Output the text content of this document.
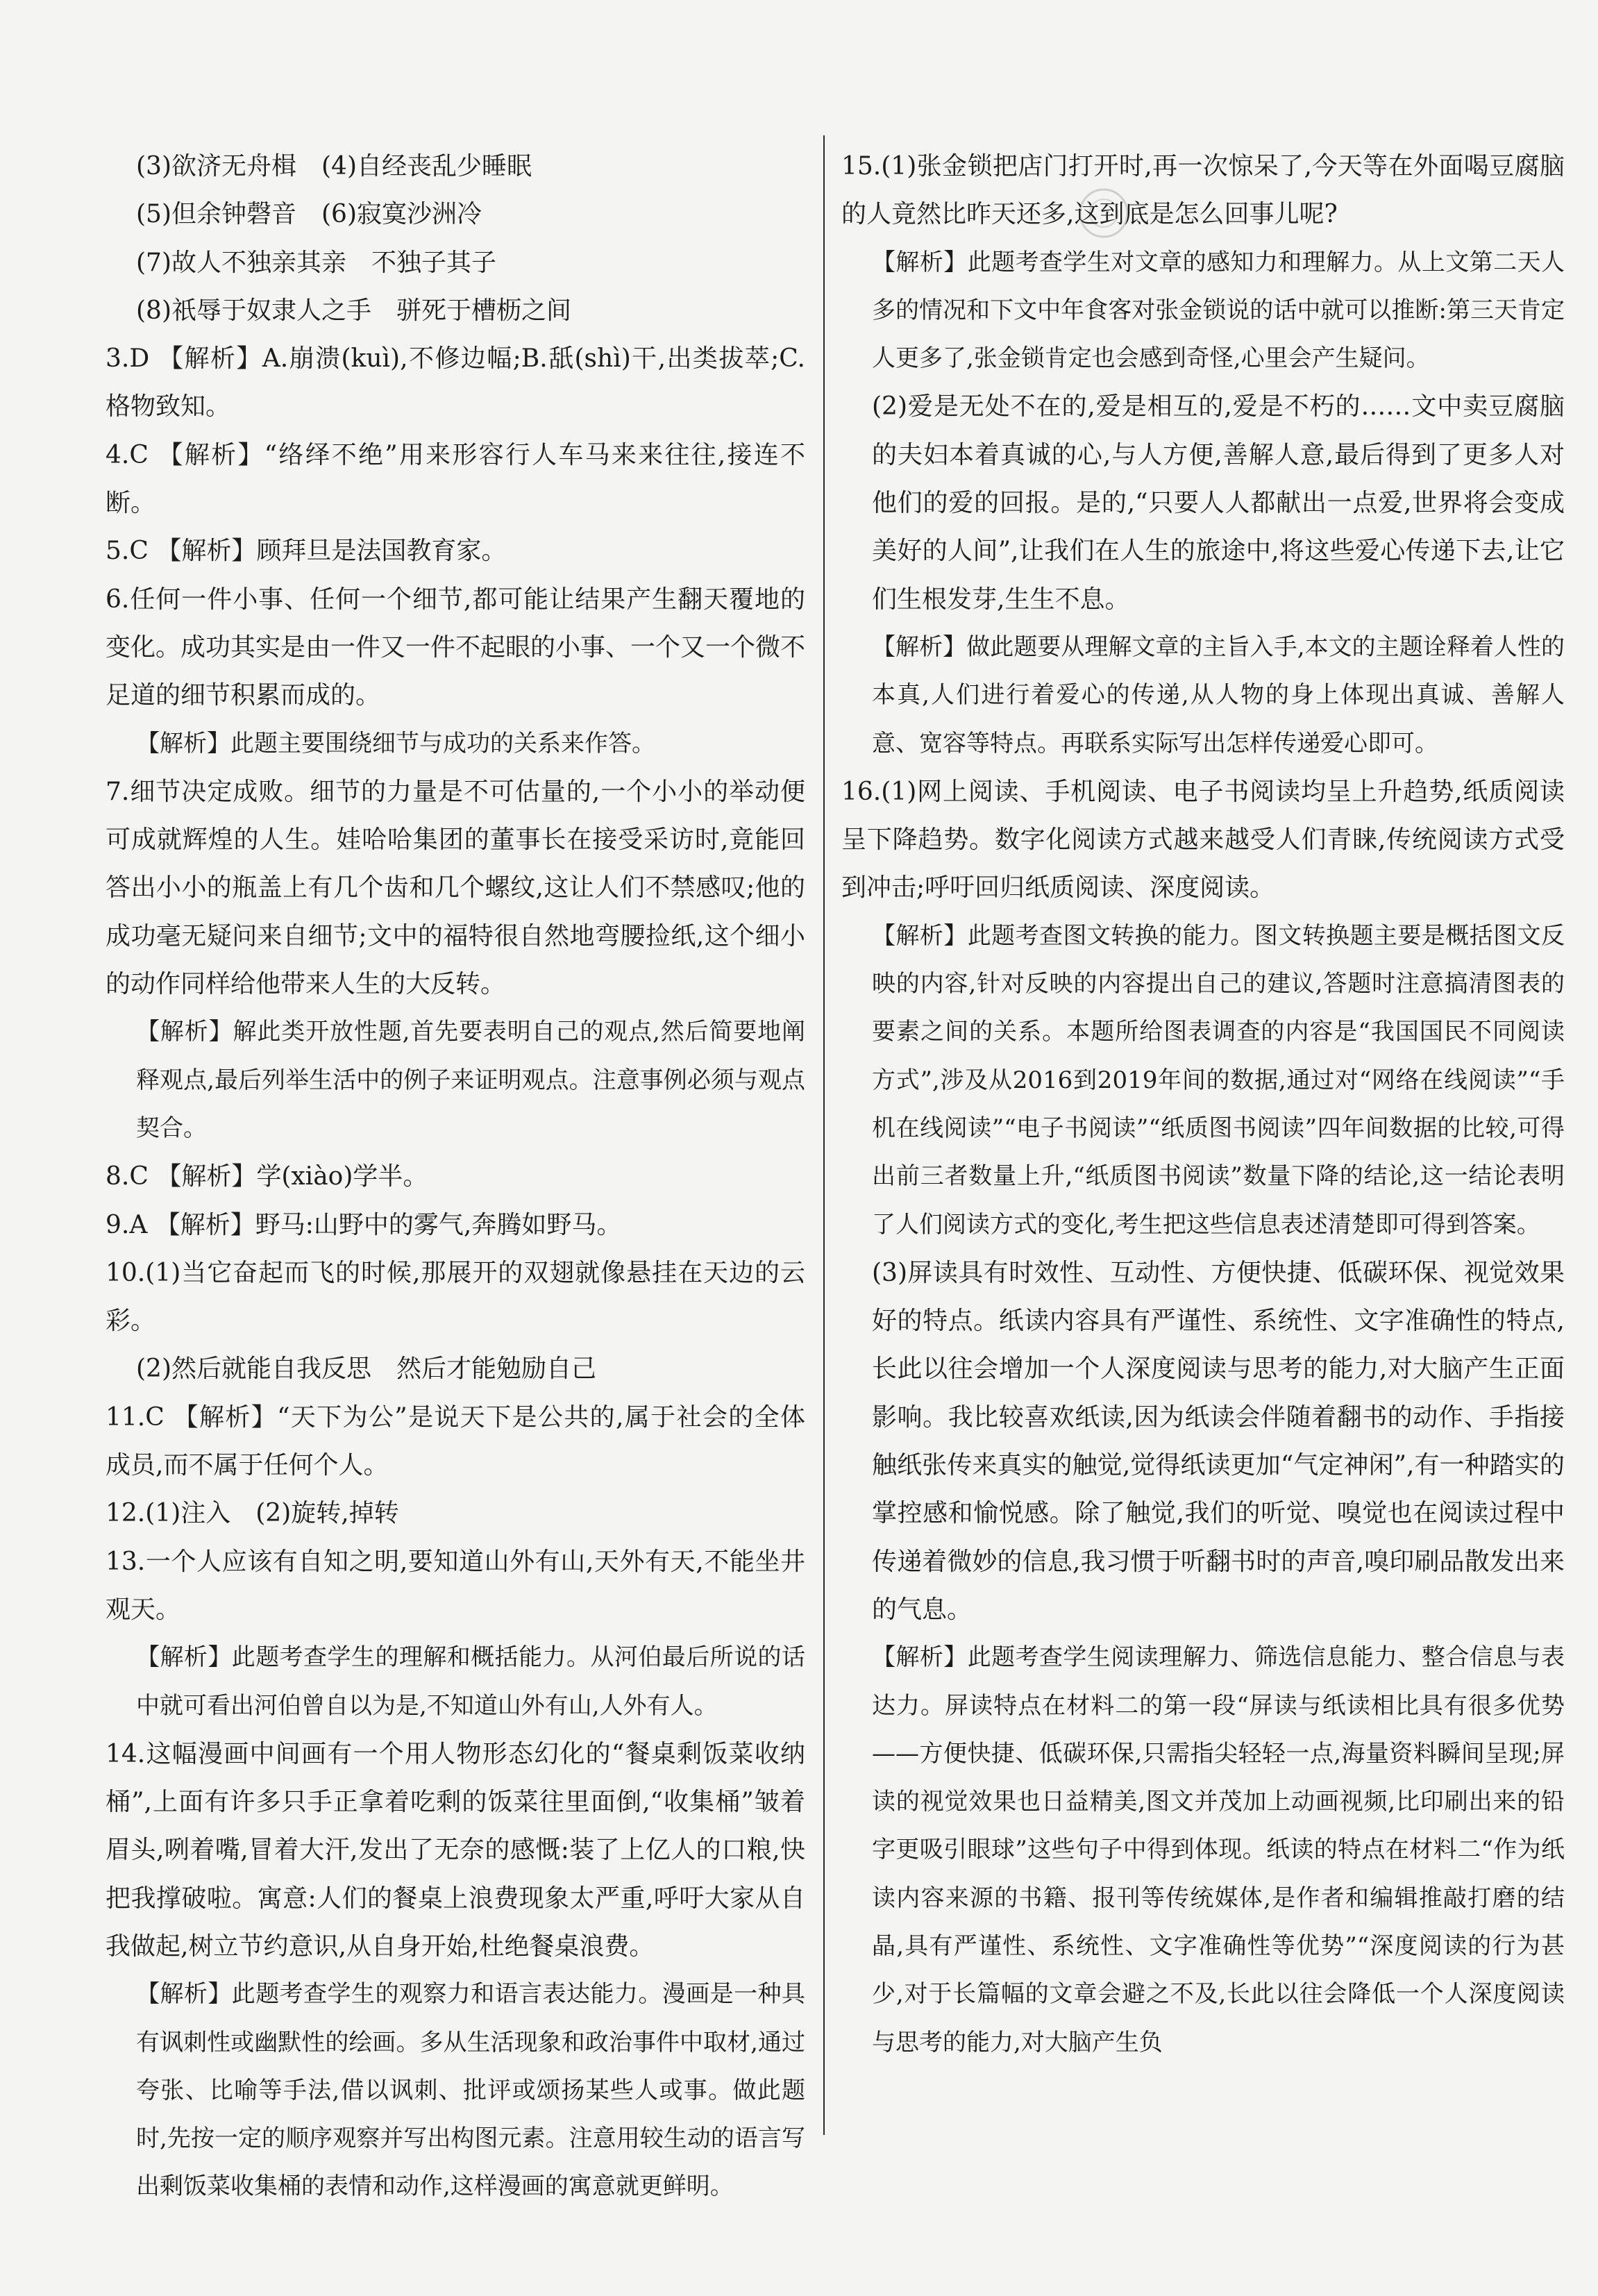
(3)欲济无舟楫　(4)自经丧乱少睡眠

(5)但余钟磬音　(6)寂寞沙洲冷

(7)故人不独亲其亲　不独子其子

(8)祇辱于奴隶人之手　骈死于槽枥之间

3.D 【解析】A.崩溃(kuì),不修边幅;B.舐(shì)干,出类拔萃;C.格物致知。

4.C 【解析】“络绎不绝”用来形容行人车马来来往往,接连不断。

5.C 【解析】顾拜旦是法国教育家。

6.任何一件小事、任何一个细节,都可能让结果产生翻天覆地的变化。成功其实是由一件又一件不起眼的小事、一个又一个微不足道的细节积累而成的。

【解析】此题主要围绕细节与成功的关系来作答。

7.细节决定成败。细节的力量是不可估量的,一个小小的举动便可成就辉煌的人生。娃哈哈集团的董事长在接受采访时,竟能回答出小小的瓶盖上有几个齿和几个螺纹,这让人们不禁感叹;他的成功毫无疑问来自细节;文中的福特很自然地弯腰捡纸,这个细小的动作同样给他带来人生的大反转。

【解析】解此类开放性题,首先要表明自己的观点,然后简要地阐释观点,最后列举生活中的例子来证明观点。注意事例必须与观点契合。

8.C 【解析】学(xiào)学半。

9.A 【解析】野马:山野中的雾气,奔腾如野马。

10.(1)当它奋起而飞的时候,那展开的双翅就像悬挂在天边的云彩。

(2)然后就能自我反思　然后才能勉励自己

11.C 【解析】“天下为公”是说天下是公共的,属于社会的全体成员,而不属于任何个人。

12.(1)注入　(2)旋转,掉转

13.一个人应该有自知之明,要知道山外有山,天外有天,不能坐井观天。

【解析】此题考查学生的理解和概括能力。从河伯最后所说的话中就可看出河伯曾自以为是,不知道山外有山,人外有人。

14.这幅漫画中间画有一个用人物形态幻化的“餐桌剩饭菜收纳桶”,上面有许多只手正拿着吃剩的饭菜往里面倒,“收集桶”皱着眉头,咧着嘴,冒着大汗,发出了无奈的感慨:装了上亿人的口粮,快把我撑破啦。寓意:人们的餐桌上浪费现象太严重,呼吁大家从自我做起,树立节约意识,从自身开始,杜绝餐桌浪费。

【解析】此题考查学生的观察力和语言表达能力。漫画是一种具有讽刺性或幽默性的绘画。多从生活现象和政治事件中取材,通过夸张、比喻等手法,借以讽刺、批评或颂扬某些人或事。做此题时,先按一定的顺序观察并写出构图元素。注意用较生动的语言写出剩饭菜收集桶的表情和动作,这样漫画的寓意就更鲜明。

15.(1)张金锁把店门打开时,再一次惊呆了,今天等在外面喝豆腐脑的人竟然比昨天还多,这到底是怎么回事儿呢?

【解析】此题考查学生对文章的感知力和理解力。从上文第二天人多的情况和下文中年食客对张金锁说的话中就可以推断:第三天肯定人更多了,张金锁肯定也会感到奇怪,心里会产生疑问。

(2)爱是无处不在的,爱是相互的,爱是不朽的……文中卖豆腐脑的夫妇本着真诚的心,与人方便,善解人意,最后得到了更多人对他们的爱的回报。是的,“只要人人都献出一点爱,世界将会变成美好的人间”,让我们在人生的旅途中,将这些爱心传递下去,让它们生根发芽,生生不息。

【解析】做此题要从理解文章的主旨入手,本文的主题诠释着人性的本真,人们进行着爱心的传递,从人物的身上体现出真诚、善解人意、宽容等特点。再联系实际写出怎样传递爱心即可。

16.(1)网上阅读、手机阅读、电子书阅读均呈上升趋势,纸质阅读呈下降趋势。数字化阅读方式越来越受人们青睐,传统阅读方式受到冲击;呼吁回归纸质阅读、深度阅读。

【解析】此题考查图文转换的能力。图文转换题主要是概括图文反映的内容,针对反映的内容提出自己的建议,答题时注意搞清图表的要素之间的关系。本题所给图表调查的内容是“我国国民不同阅读方式”,涉及从2016到2019年间的数据,通过对“网络在线阅读”“手机在线阅读”“电子书阅读”“纸质图书阅读”四年间数据的比较,可得出前三者数量上升,“纸质图书阅读”数量下降的结论,这一结论表明了人们阅读方式的变化,考生把这些信息表述清楚即可得到答案。

(3)屏读具有时效性、互动性、方便快捷、低碳环保、视觉效果好的特点。纸读内容具有严谨性、系统性、文字准确性的特点,长此以往会增加一个人深度阅读与思考的能力,对大脑产生正面影响。我比较喜欢纸读,因为纸读会伴随着翻书的动作、手指接触纸张传来真实的触觉,觉得纸读更加“气定神闲”,有一种踏实的掌控感和愉悦感。除了触觉,我们的听觉、嗅觉也在阅读过程中传递着微妙的信息,我习惯于听翻书时的声音,嗅印刷品散发出来的气息。

【解析】此题考查学生阅读理解力、筛选信息能力、整合信息与表达力。屏读特点在材料二的第一段“屏读与纸读相比具有很多优势——方便快捷、低碳环保,只需指尖轻轻一点,海量资料瞬间呈现;屏读的视觉效果也日益精美,图文并茂加上动画视频,比印刷出来的铅字更吸引眼球”这些句子中得到体现。纸读的特点在材料二“作为纸读内容来源的书籍、报刊等传统媒体,是作者和编辑推敲打磨的结晶,具有严谨性、系统性、文字准确性等优势”“深度阅读的行为甚少,对于长篇幅的文章会避之不及,长此以往会降低一个人深度阅读与思考的能力,对大脑产生负
